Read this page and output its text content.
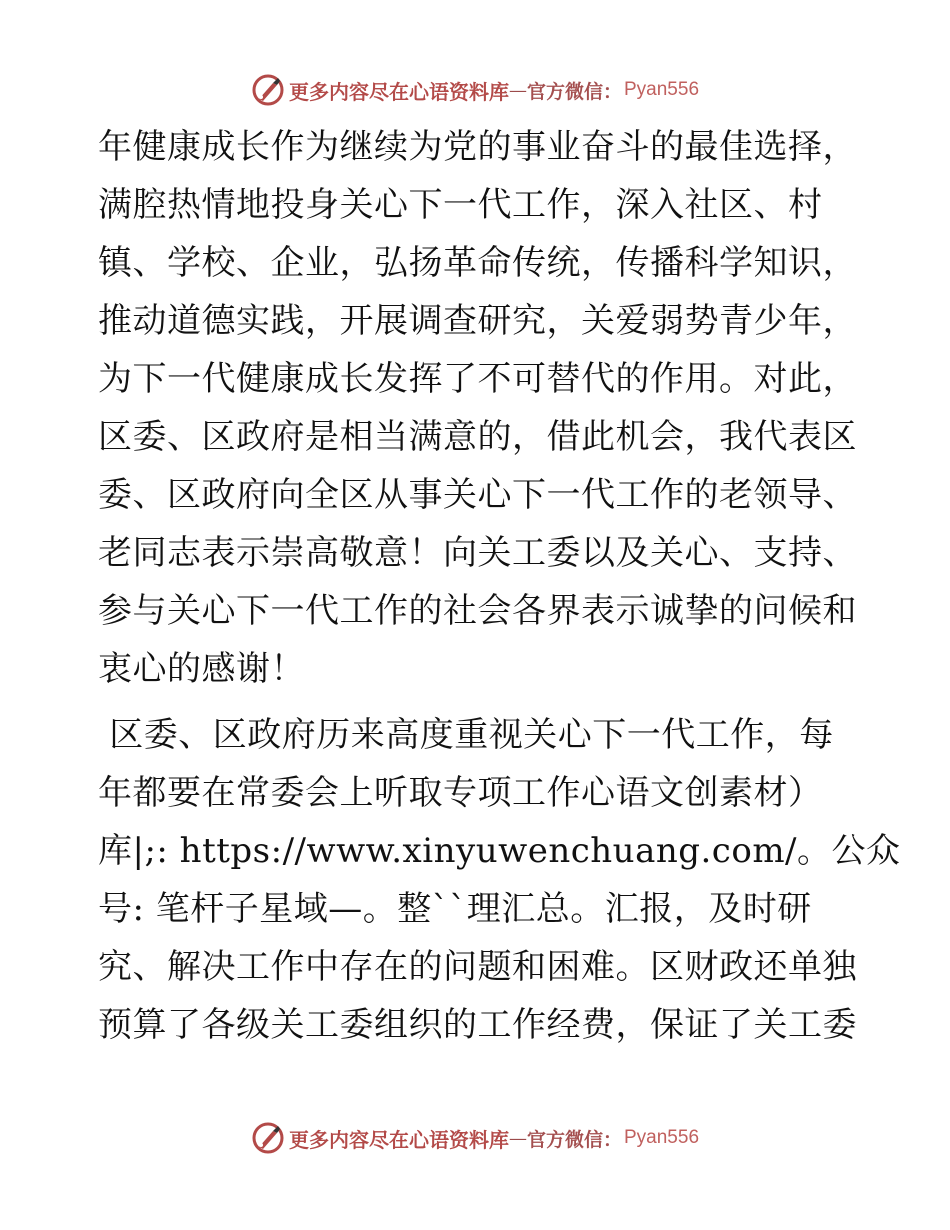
更多内容尽在心语资料库 — 官方微信： Pyan556

年健康成长作为继续为党的事业奋斗的最佳选择，
满腔热情地投身关心下一代工作，深入社区、村
镇、学校、企业，弘扬革命传统，传播科学知识，
推动道德实践，开展调查研究，关爱弱势青少年，
为下一代健康成长发挥了不可替代的作用。对此，
区委、区政府是相当满意的，借此机会，我代表区
委、区政府向全区从事关心下一代工作的老领导、
老同志表示崇高敬意！向关工委以及关心、支持、
参与关心下一代工作的社会各界表示诚挚的问候和
衷心的感谢！

区委、区政府历来高度重视关心下一代工作，每
年都要在常委会上听取专项工作心语文创素材）
库|;: https://www.xinyuwenchuang.com/。公众
号: 笔杆子星域—。整``理汇总。汇报，及时研
究、解决工作中存在的问题和困难。区财政还单独
预算了各级关工委组织的工作经费，保证了关工委

更多内容尽在心语资料库 — 官方微信： Pyan556
